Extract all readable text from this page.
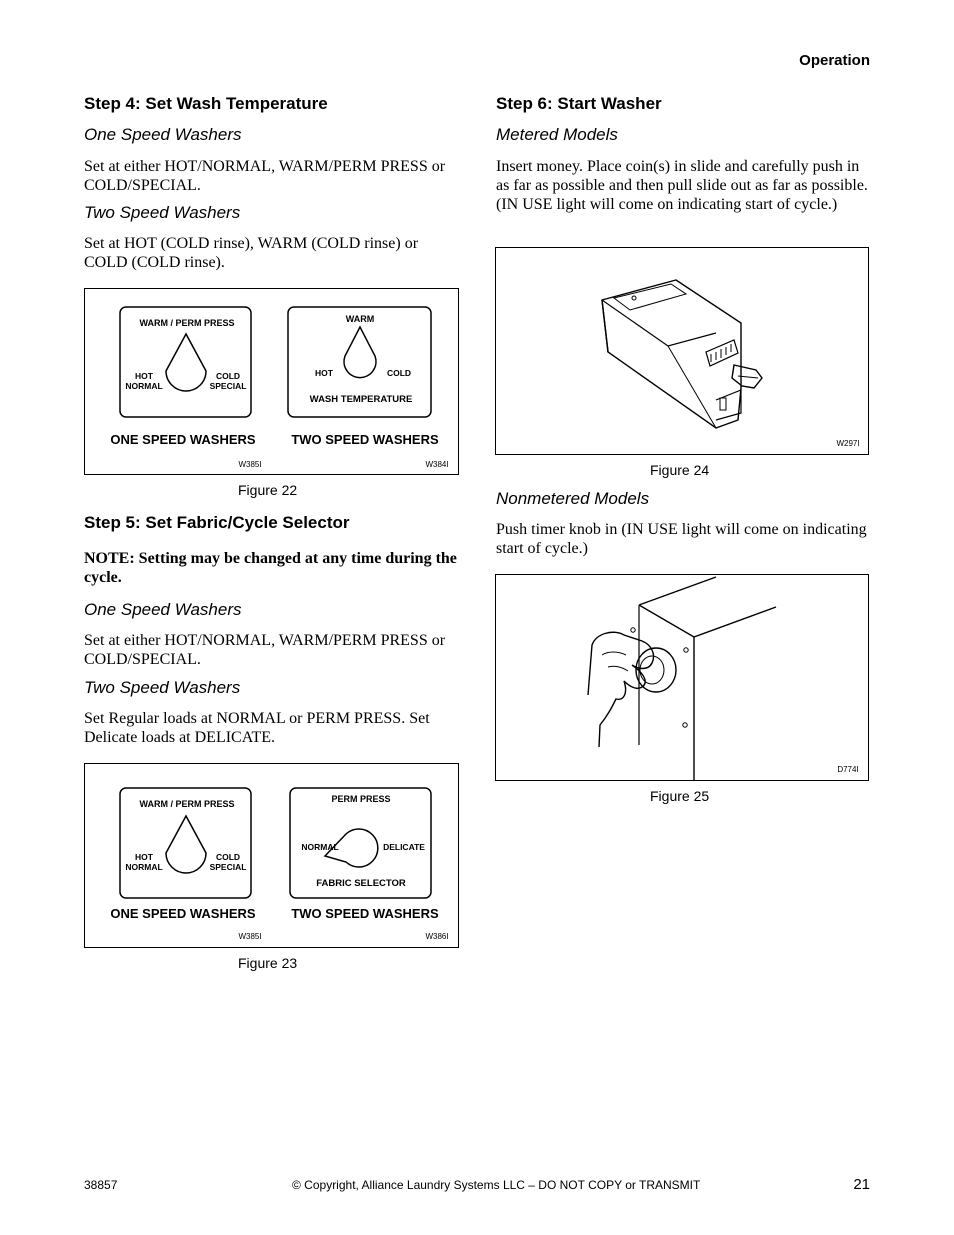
Operation
Step 4: Set Wash Temperature
One Speed Washers
Set at either HOT/NORMAL, WARM/PERM PRESS or COLD/SPECIAL.
Two Speed Washers
Set at HOT (COLD rinse), WARM (COLD rinse) or COLD (COLD rinse).
WARM / PERM PRESS
HOT
NORMAL
COLD
SPECIAL
ONE SPEED WASHERS
W385I
WARM
HOT	COLD
WASH TEMPERATURE
TWO SPEED WASHERS
W384I
Figure 22
Step 5: Set Fabric/Cycle Selector
NOTE: Setting may be changed at any time during the cycle.
One Speed Washers
Set at either HOT/NORMAL, WARM/PERM PRESS or COLD/SPECIAL.
Two Speed Washers
Set Regular loads at NORMAL or PERM PRESS. Set Delicate loads at DELICATE.
WARM / PERM PRESS
HOT
NORMAL
COLD
SPECIAL
ONE SPEED WASHERS
W385I
PERM PRESS
NORMAL	DELICATE
FABRIC SELECTOR
TWO SPEED WASHERS
W386I
Figure 23
Step 6: Start Washer
Metered Models
Insert money. Place coin(s) in slide and carefully push in as far as possible and then pull slide out as far as possible. (IN USE light will come on indicating start of cycle.)
W297I
Figure 24
Nonmetered Models
Push timer knob in (IN USE light will come on indicating start of cycle.)
D774I
Figure 25
38857	© Copyright, Alliance Laundry Systems LLC – DO NOT COPY or TRANSMIT	21
